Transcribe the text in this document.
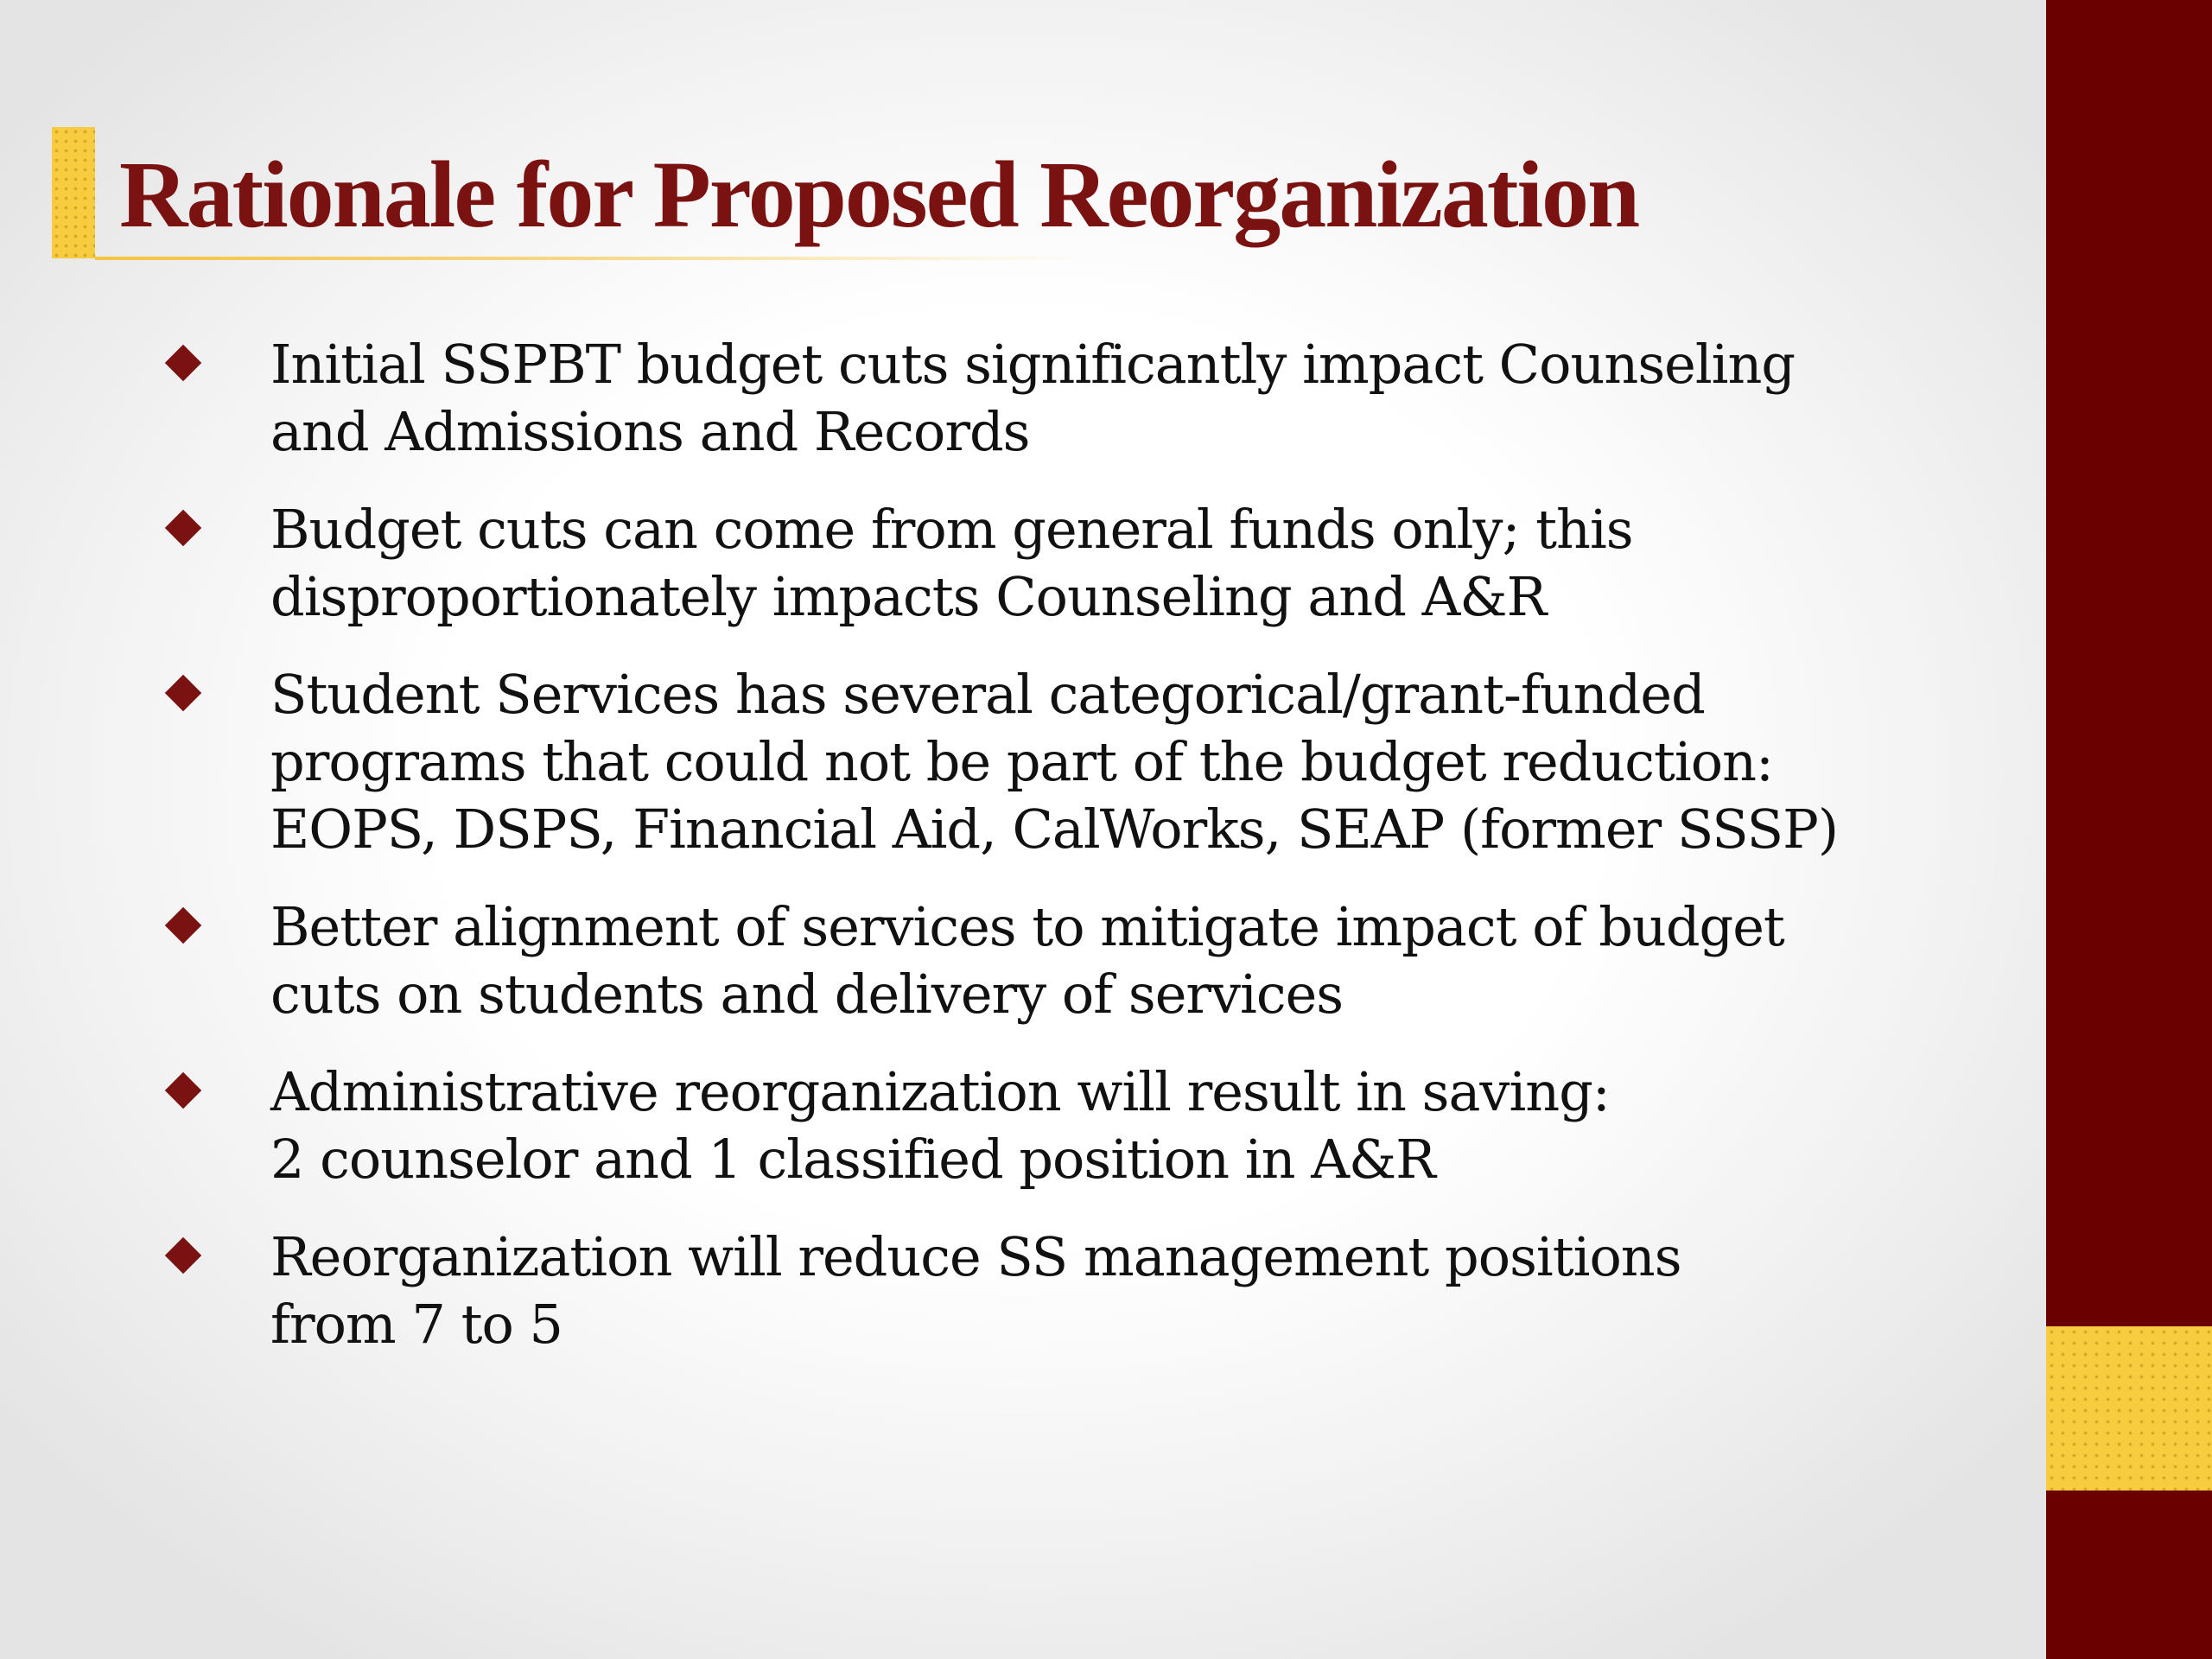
Rationale for Proposed Reorganization
Initial SSPBT budget cuts significantly impact Counseling
and Admissions and Records
Budget cuts can come from general funds only; this
disproportionately impacts Counseling and A&R
Student Services has several categorical/grant-funded
programs that could not be part of the budget reduction:
EOPS, DSPS, Financial Aid, CalWorks, SEAP (former SSSP)
Better alignment of services to mitigate impact of budget
cuts on students and delivery of services
Administrative reorganization will result in saving:
2 counselor and 1 classified position in A&R
Reorganization will reduce SS management positions
from 7 to 5
